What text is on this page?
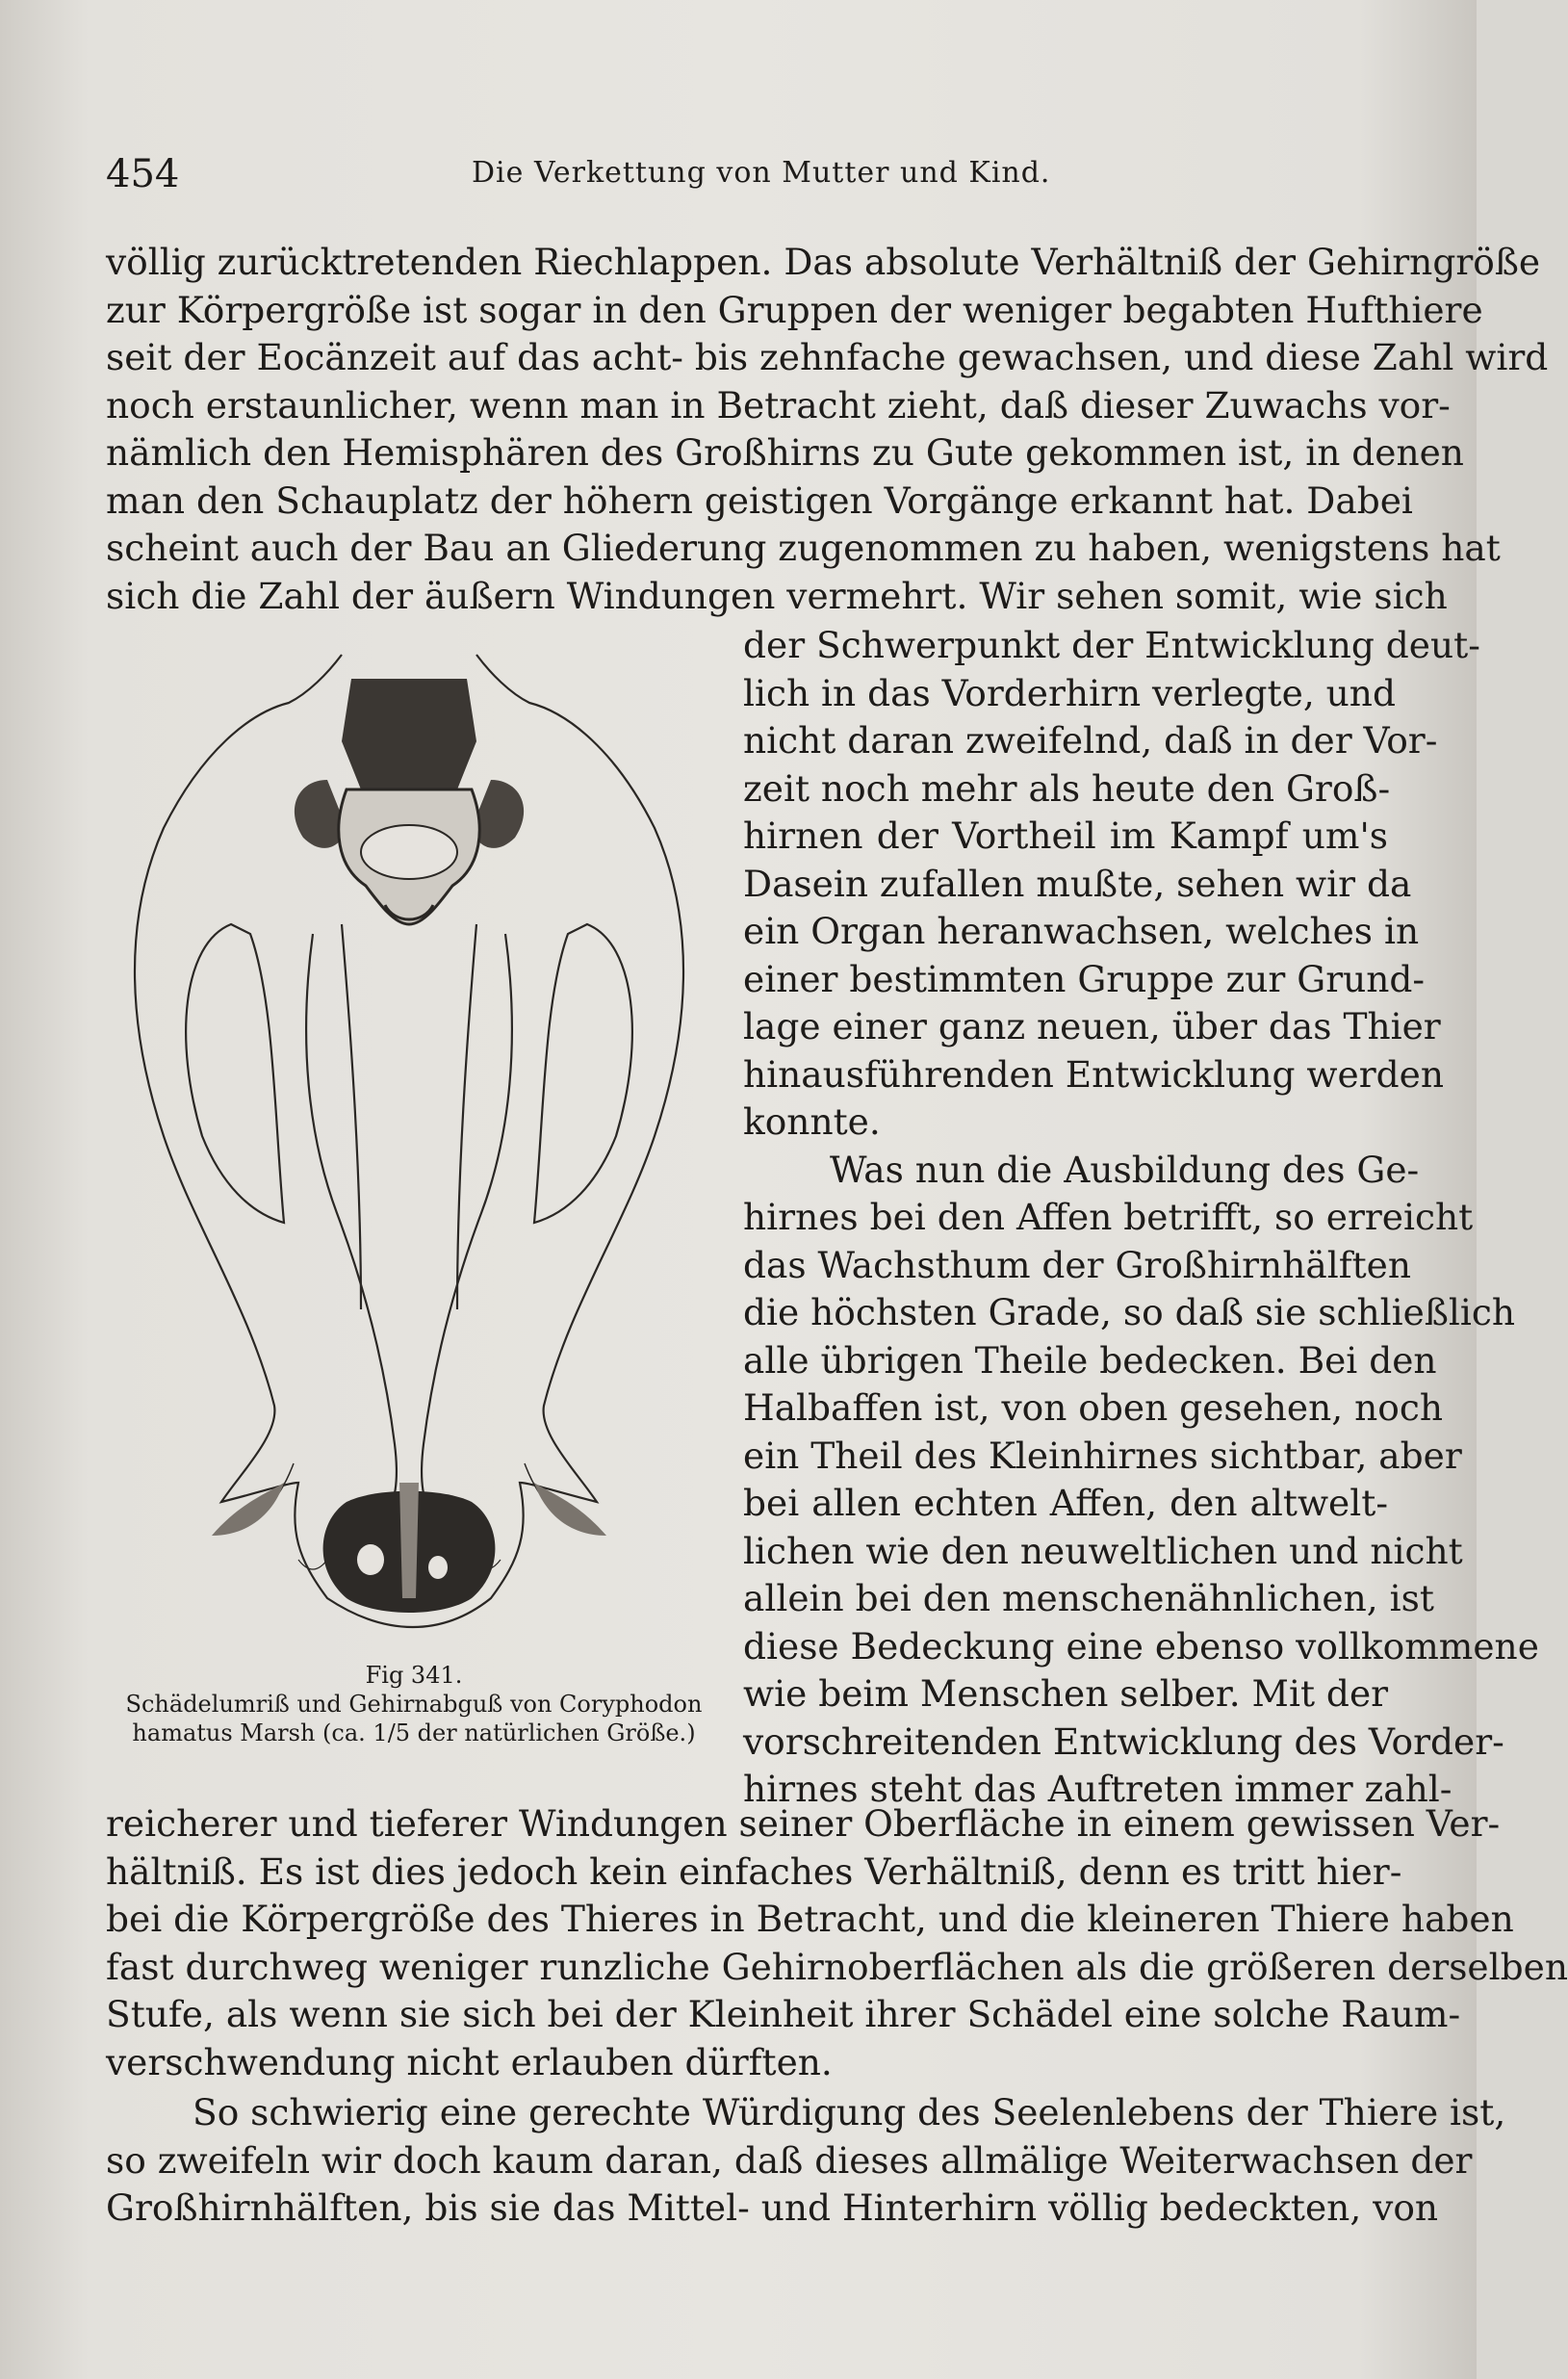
454	Die Verkettung von Mutter und Kind.
völlig zurücktretenden Riechlappen. Das absolute Verhältniß der Gehirngröße
zur Körpergröße ist sogar in den Gruppen der weniger begabten Hufthiere
seit der Eocänzeit auf das acht- bis zehnfache gewachsen, und diese Zahl wird
noch erstaunlicher, wenn man in Betracht zieht, daß dieser Zuwachs vor-
nämlich den Hemisphären des Großhirns zu Gute gekommen ist, in denen
man den Schauplatz der höhern geistigen Vorgänge erkannt hat. Dabei
scheint auch der Bau an Gliederung zugenommen zu haben, wenigstens hat
sich die Zahl der äußern Windungen vermehrt. Wir sehen somit, wie sich
der Schwerpunkt der Entwicklung deut-
lich in das Vorderhirn verlegte, und
nicht daran zweifelnd, daß in der Vor-
zeit noch mehr als heute den Groß-
hirnen der Vortheil im Kampf um's
Dasein zufallen mußte, sehen wir da
ein Organ heranwachsen, welches in
einer bestimmten Gruppe zur Grund-
lage einer ganz neuen, über das Thier
hinausführenden Entwicklung werden
konnte.
Was nun die Ausbildung des Ge-
hirnes bei den Affen betrifft, so erreicht
das Wachsthum der Großhirnhälften
die höchsten Grade, so daß sie schließlich
alle übrigen Theile bedecken. Bei den
Halbaffen ist, von oben gesehen, noch
ein Theil des Kleinhirnes sichtbar, aber
bei allen echten Affen, den altwelt-
lichen wie den neuweltlichen und nicht
allein bei den menschenähnlichen, ist
diese Bedeckung eine ebenso vollkommene
wie beim Menschen selber. Mit der
vorschreitenden Entwicklung des Vorder-
hirnes steht das Auftreten immer zahl-
Fig 341.
Schädelumriß und Gehirnabguß von Coryphodon
hamatus Marsh (ca. 1/5 der natürlichen Größe.)
reicherer und tieferer Windungen seiner Oberfläche in einem gewissen Ver-
hältniß. Es ist dies jedoch kein einfaches Verhältniß, denn es tritt hier-
bei die Körpergröße des Thieres in Betracht, und die kleineren Thiere haben
fast durchweg weniger runzliche Gehirnoberflächen als die größeren derselben
Stufe, als wenn sie sich bei der Kleinheit ihrer Schädel eine solche Raum-
verschwendung nicht erlauben dürften.
So schwierig eine gerechte Würdigung des Seelenlebens der Thiere ist,
so zweifeln wir doch kaum daran, daß dieses allmälige Weiterwachsen der
Großhirnhälften, bis sie das Mittel- und Hinterhirn völlig bedeckten, von
